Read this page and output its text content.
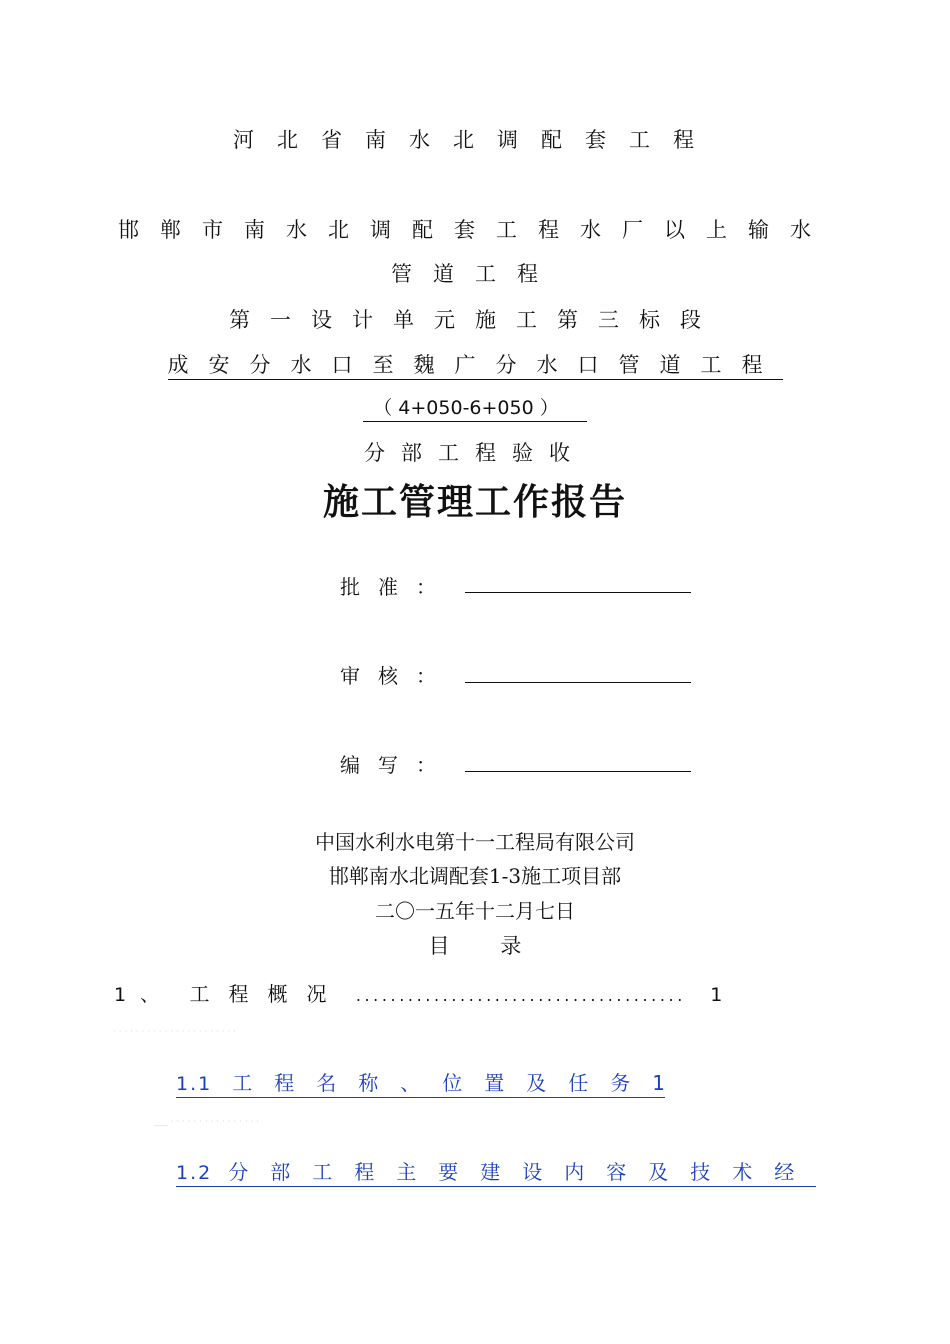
河北省南水北调配套工程
邯郸市南水北调配套工程水厂以上输水
管道工程
第一设计单元施工第三标段
成安分水口至魏广分水口管道工程
（ 4+050-6+050 ）
分部工程验收
施工管理工作报告
批准：
审核：
编写：
中国水利水电第十一工程局有限公司
邯郸南水北调配套1-3施工项目部
二〇一五年十二月七日
目 录
1、 工程概况 ...................................... 1
· · · · · · · · · · · · · · · · · · · · · ·
1.1 工程名称、位置及任务1
___ · · · · · · · · · · · · · · · ·
1.2 分部工程主要建设内容及技术经
